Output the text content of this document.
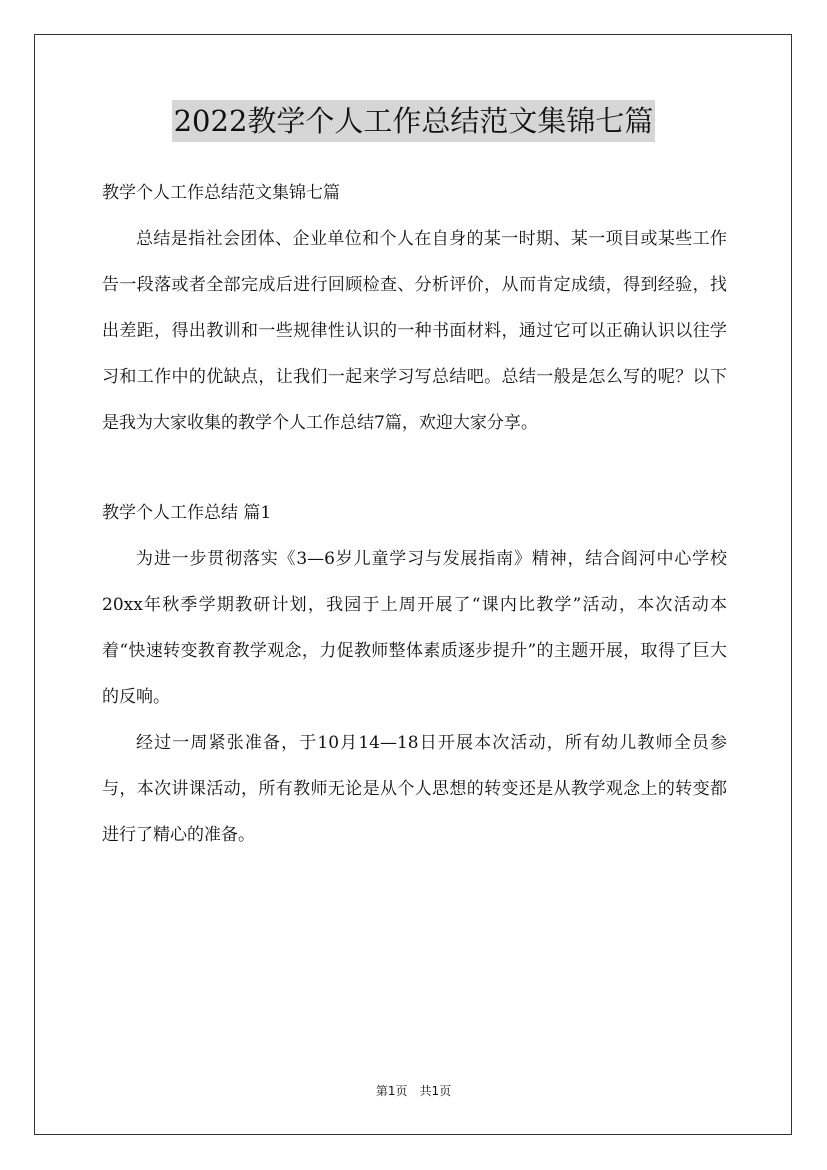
2022教学个人工作总结范文集锦七篇

教学个人工作总结范文集锦七篇

总结是指社会团体、企业单位和个人在自身的某一时期、某一项目或某些工作告一段落或者全部完成后进行回顾检查、分析评价，从而肯定成绩，得到经验，找出差距，得出教训和一些规律性认识的一种书面材料，通过它可以正确认识以往学习和工作中的优缺点，让我们一起来学习写总结吧。总结一般是怎么写的呢？以下是我为大家收集的教学个人工作总结7篇，欢迎大家分享。

教学个人工作总结 篇1

为进一步贯彻落实《3—6岁儿童学习与发展指南》精神，结合阎河中心学校20xx年秋季学期教研计划，我园于上周开展了“课内比教学”活动，本次活动本着“快速转变教育教学观念，力促教师整体素质逐步提升”的主题开展，取得了巨大的反响。

经过一周紧张准备，于10月14—18日开展本次活动，所有幼儿教师全员参与，本次讲课活动，所有教师无论是从个人思想的转变还是从教学观念上的转变都进行了精心的准备。

第1页　共1页
